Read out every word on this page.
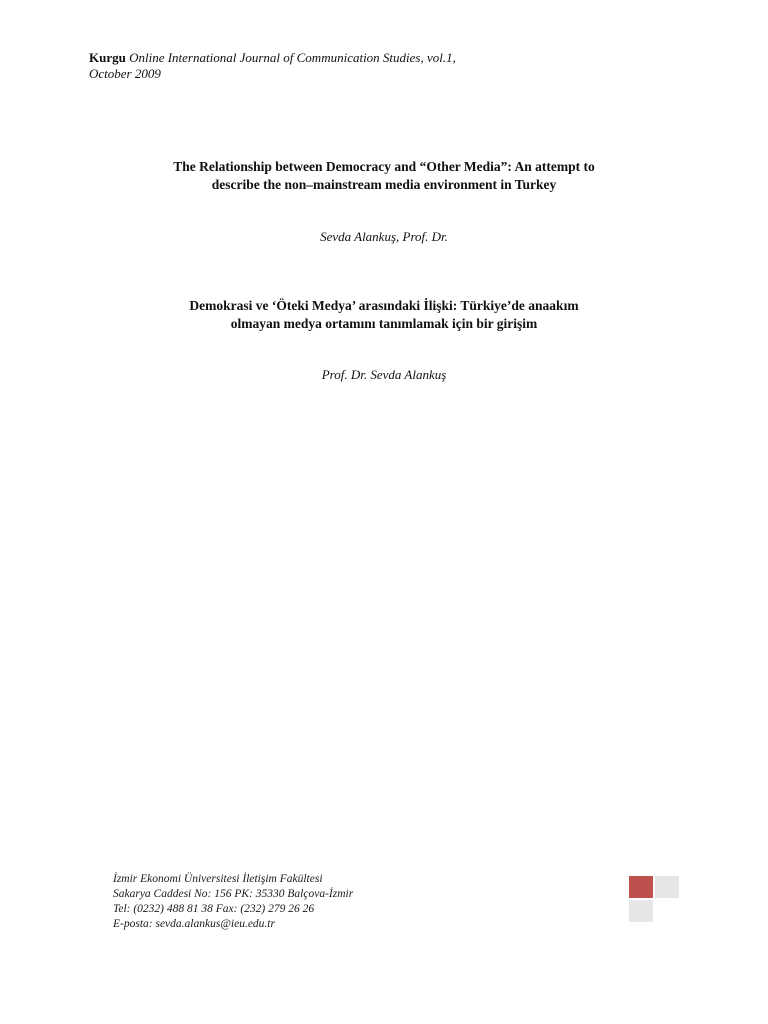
Kurgu Online International Journal of Communication Studies, vol.1,
October 2009
The Relationship between Democracy and “Other Media”: An attempt to
describe the non–mainstream media environment in Turkey
Sevda Alankuş, Prof. Dr.
Demokrasi ve ‘Öteki Medya’ arasındaki İlişki: Türkiye’de anaakım
olmayan medya ortamını tanımlamak için bir girişim
Prof. Dr. Sevda Alankuş
İzmir Ekonomi Üniversitesi İletişim Fakültesi
Sakarya Caddesi No: 156 PK: 35330 Balçova-İzmir
Tel: (0232) 488 81 38 Fax: (232) 279 26 26
E-posta: sevda.alankus@ieu.edu.tr
